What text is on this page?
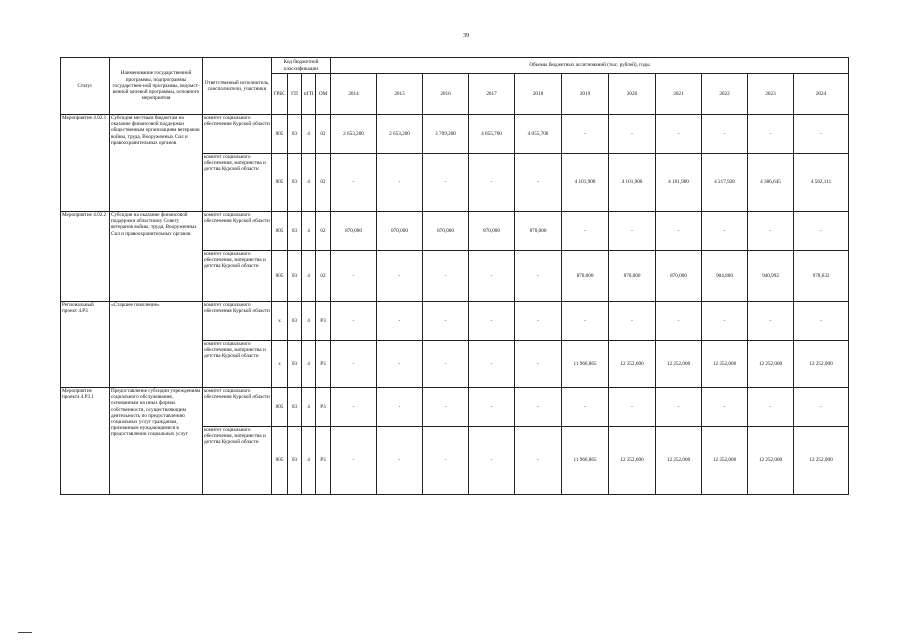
39
Статус	Наименование государственной программы, подпрограммы государствен-ной программы, ведомст-венной целевой программы, основного мероприятия	Ответственный исполнитель, соисполнители, участники	Код бюджетной классификации				Объемы бюджетных ассигнований (тыс. рублей), годы										
			ГРБС	ГП	пГП	ОМ	2014	2015	2016	2017	2018	2019	2020	2021	2022	2023	2024
Мероприятие 4.02.1	Субсидия местным бюджетам на оказание финансовой поддержки общественным организациям ветеранов войны, труда, Вооруженных Сил и правоохранительных органов	комитет социального обеспечения Курской области	805	03	4	02	2 653,200	2 653,200	3 709,200	4 055,700	4 055,700	-	-	-	-	-	-
		комитет социального обеспечения, материнства и детства Курской области	805	03	4	02	-	-	-	-	-	4 101,900	4 101,900	4 101,900	4 217,928	4 386,645	4 562,111
Мероприятие 4.02.2	Субсидия на оказание финансовой поддержки областному Совету ветеранов войны, труда, Вооруженных Сил и правоохранительных органов	комитет социального обеспечения Курской области	805	03	4	02	870,000	870,000	870,000	870,000	870,000	-	-	-	-	-	-
		комитет социального обеспечения, материнства и детства Курской области	805	03	4	02	-	-	-	-	-	870,000	870,000	870,000	904,800	940,992	978,632
Региональный проект 4.Р3	«Старшее поколение»	комитет социального обеспечения Курской области	х	03	4	Р3	-	-	-	-	-	-	-	-	-	-	-
		комитет социального обеспечения, материнства и детства Курской области	х	03	4	Р3	-	-	-	-	-	11 966,865	12 252,000	12 252,000	12 252,000	12 252,000	12 252,000
Мероприятие проекта 4.Р3.1	Предоставление субсидии учреждениям социального обслуживания, основанным на иных формах собственности, осуществляющим деятельность по предоставлению социальных услуг гражданам, признанным нуждающимися в предоставлении социальных услуг	комитет социального обеспечения Курской области	805	03	4	Р3	-	-	-	-	-	-	-	-	-	-	-
		комитет социального обеспечения, материнства и детства Курской области	805	03	4	Р3	-	-	-	-	-	11 966,865	12 252,000	12 252,000	12 252,000	12 252,000	12 252,000
